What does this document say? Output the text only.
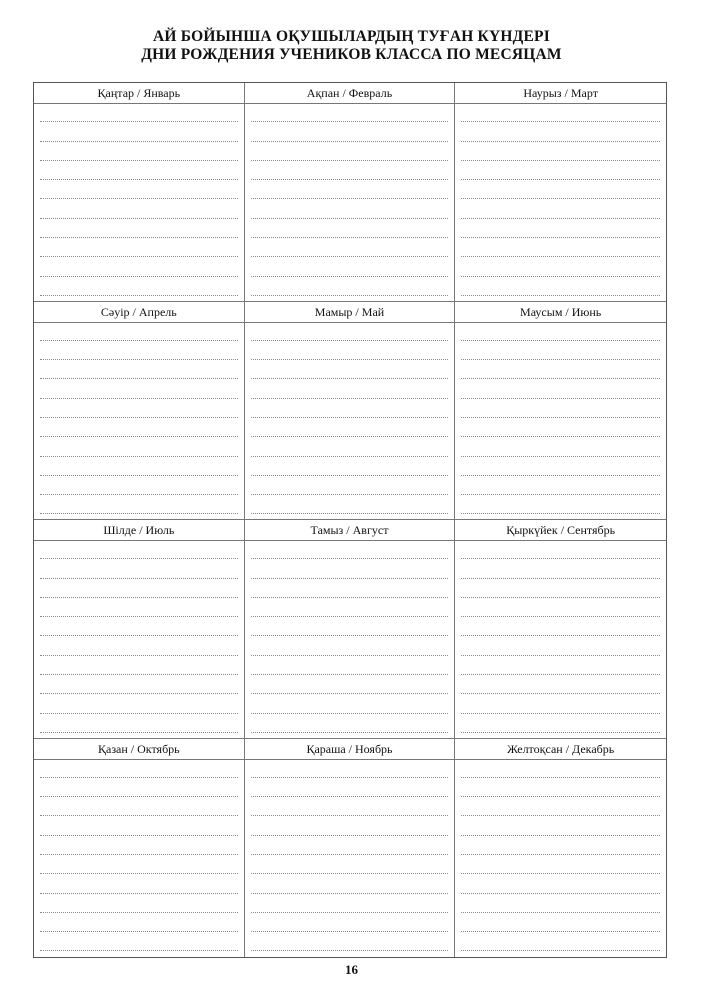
АЙ БОЙЫНША ОҚУШЫЛАРДЫҢ ТУҒАН КҮНДЕРІ
ДНИ РОЖДЕНИЯ УЧЕНИКОВ КЛАССА ПО МЕСЯЦАМ
Қаңтар / Январь	Ақпан / Февраль	Наурыз / Март
Сәуір / Апрель	Мамыр / Май	Маусым / Июнь
Шілде / Июль	Тамыз / Август	Қыркүйек / Сентябрь
Қазан / Октябрь	Қараша / Ноябрь	Желтоқсан / Декабрь
16
